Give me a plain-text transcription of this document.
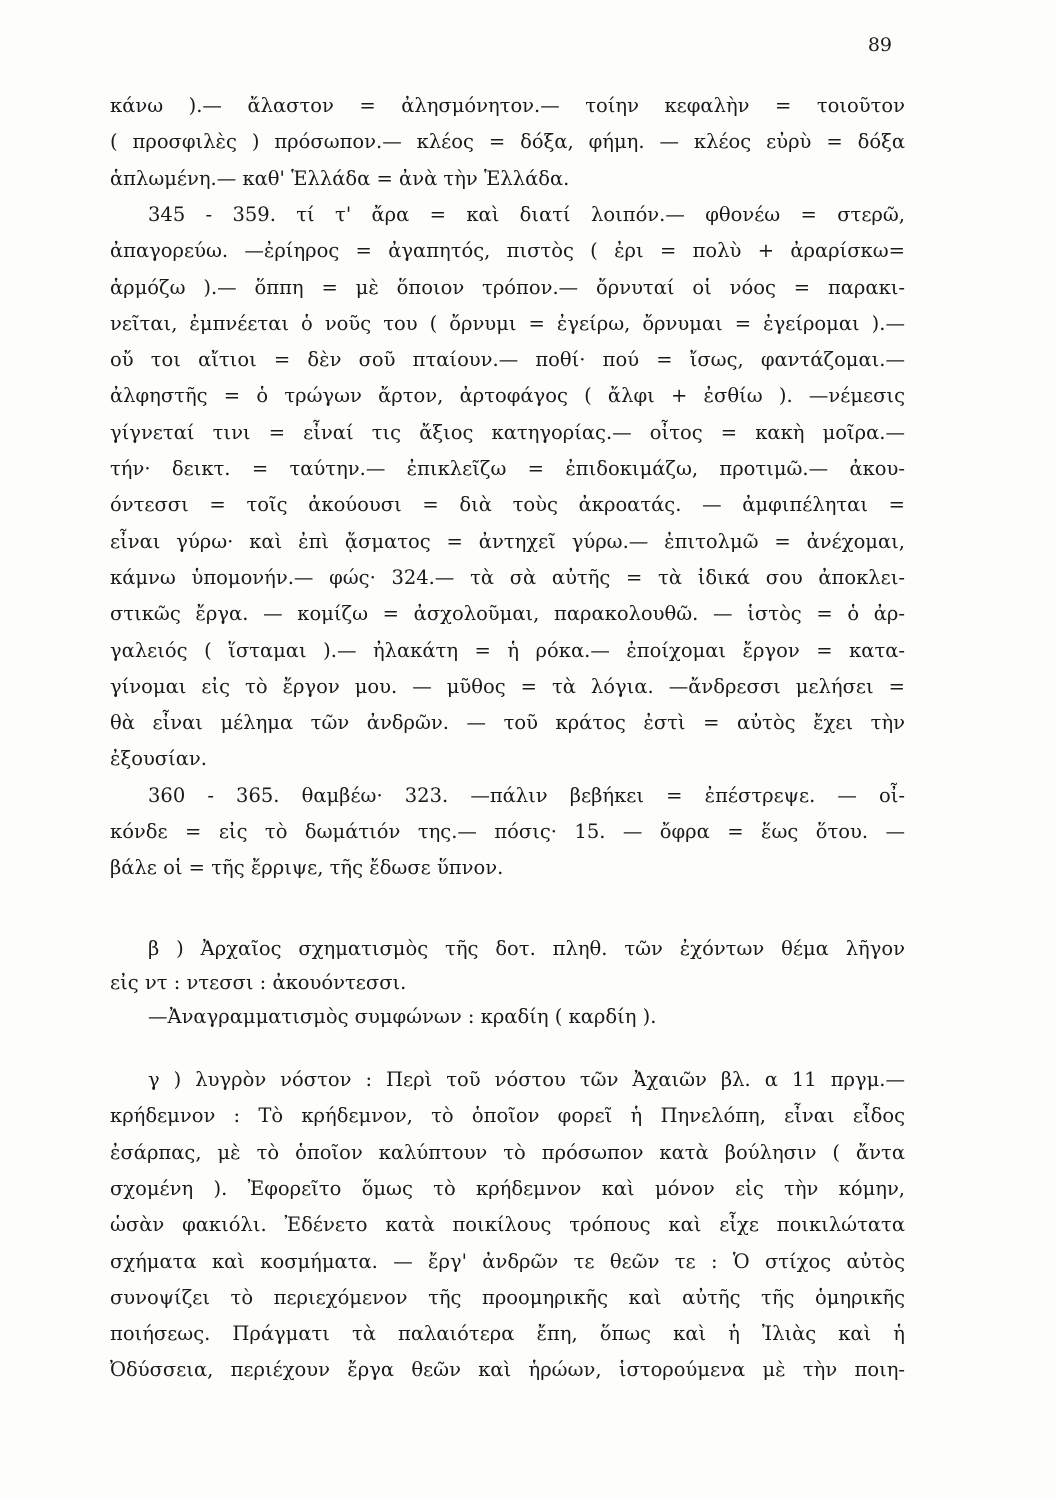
89
κάνω ).— ἄλαστον = ἀλησμόνητον.— τοίην κεφαλὴν = τοιοῦτον
( προσφιλὲς ) πρόσωπον.— κλέος = δόξα, φήμη. — κλέος εὐρὺ = δόξα
ἁπλωμένη.— καθ' Ἑλλάδα = ἀνὰ τὴν Ἑλλάδα.
345 - 359. τί τ' ἄρα = καὶ διατί λοιπόν.— φθονέω = στερῶ,
ἀπαγορεύω. —ἐρίηρος = ἀγαπητός, πιστὸς ( ἐρι = πολὺ + ἀραρίσκω=
ἁρμόζω ).— ὅππη = μὲ ὅποιον τρόπον.— ὄρνυταί οἱ νόος = παρακι-
νεῖται, ἐμπνέεται ὁ νοῦς του ( ὄρνυμι = ἐγείρω, ὄρνυμαι = ἐγείρομαι ).—
οὔ τοι αἴτιοι = δὲν σοῦ πταίουν.— ποθί· πού = ἴσως, φαντάζομαι.—
ἀλφηστῆς = ὁ τρώγων ἄρτον, ἀρτοφάγος ( ἄλφι + ἐσθίω ). —νέμεσις
γίγνεταί τινι = εἶναί τις ἄξιος κατηγορίας.— οἶτος = κακὴ μοῖρα.—
τήν· δεικτ. = ταύτην.— ἐπικλεῖζω = ἐπιδοκιμάζω, προτιμῶ.— ἀκου-
όντεσσι = τοῖς ἀκούουσι = διὰ τοὺς ἀκροατάς. — ἀμφιπέληται =
εἶναι γύρω· καὶ ἐπὶ ᾄσματος = ἀντηχεῖ γύρω.— ἐπιτολμῶ = ἀνέχομαι,
κάμνω ὑπομονήν.— φώς· 324.— τὰ σὰ αὐτῆς = τὰ ἰδικά σου ἀποκλει-
στικῶς ἔργα. — κομίζω = ἀσχολοῦμαι, παρακολουθῶ. — ἱστὸς = ὁ ἀρ-
γαλειός ( ἵσταμαι ).— ἠλακάτη = ἡ ρόκα.— ἐποίχομαι ἔργον = κατα-
γίνομαι εἰς τὸ ἔργον μου. — μῦθος = τὰ λόγια. —ἄνδρεσσι μελήσει =
θὰ εἶναι μέλημα τῶν ἀνδρῶν. — τοῦ κράτος ἐστὶ = αὐτὸς ἔχει τὴν
ἐξουσίαν.
360 - 365. θαμβέω· 323. —πάλιν βεβήκει = ἐπέστρεψε. — οἶ-
κόνδε = εἰς τὸ δωμάτιόν της.— πόσις· 15. — ὄφρα = ἕως ὅτου. —
βάλε οἱ = τῆς ἔρριψε, τῆς ἔδωσε ὕπνον.
β ) Ἀρχαῖος σχηματισμὸς τῆς δοτ. πληθ. τῶν ἐχόντων θέμα λῆγον
εἰς ντ : ντεσσι : ἀκουόντεσσι.
—Ἀναγραμματισμὸς συμφώνων : κραδίη ( καρδίη ).
γ ) λυγρὸν νόστον : Περὶ τοῦ νόστου τῶν Ἀχαιῶν βλ. α 11 πργμ.—
κρήδεμνον : Τὸ κρήδεμνον, τὸ ὁποῖον φορεῖ ἡ Πηνελόπη, εἶναι εἶδος
ἐσάρπας, μὲ τὸ ὁποῖον καλύπτουν τὸ πρόσωπον κατὰ βούλησιν ( ἄντα
σχομένη ). Ἐφορεῖτο ὅμως τὸ κρήδεμνον καὶ μόνον εἰς τὴν κόμην,
ὡσὰν φακιόλι. Ἐδένετο κατὰ ποικίλους τρόπους καὶ εἶχε ποικιλώτατα
σχήματα καὶ κοσμήματα. — ἔργ' ἀνδρῶν τε θεῶν τε : Ὁ στίχος αὐτὸς
συνοψίζει τὸ περιεχόμενον τῆς προομηρικῆς καὶ αὐτῆς τῆς ὁμηρικῆς
ποιήσεως. Πράγματι τὰ παλαιότερα ἔπη, ὅπως καὶ ἡ Ἰλιὰς καὶ ἡ
Ὀδύσσεια, περιέχουν ἔργα θεῶν καὶ ἡρώων, ἱστορούμενα μὲ τὴν ποιη-
